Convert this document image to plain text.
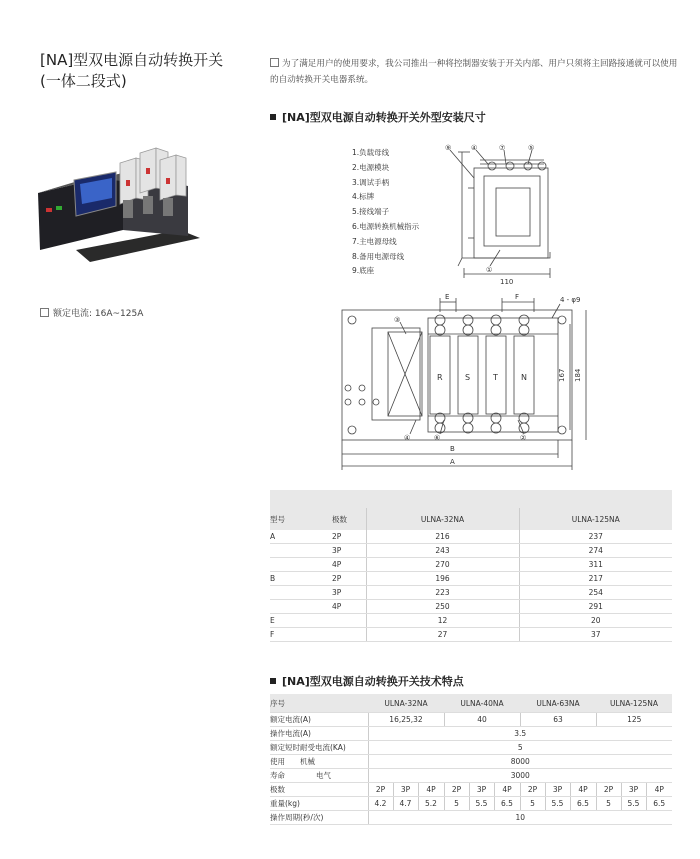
[NA]型双电源自动转换开关
(一体二段式)
额定电流: 16A~125A
为了满足用户的使用要求，我公司推出一种将控制器安装于开关内部、用户只须将主回路接通就可以使用的自动转换开关电器系统。
[NA]型双电源自动转换开关外型安装尺寸
1.负载母线
2.电源模块
3.调试手柄
4.标牌
5.接线端子
6.电源转换机械指示
7.主电源母线
8.备用电源母线
9.底座
⑨	④	⑦	⑤
①
110
R	S	T	N
E	F	4 - φ9
③
④	⑥	②
B
A
167 184

型号	极数	ULNA-32NA	ULNA-125NA
A	2P	216	237
	3P	243	274
	4P	270	311
B	2P	196	217
	3P	223	254
	4P	250	291
E		12	20
F		27	37
[NA]型双电源自动转换开关技术特点
序号		ULNA-32NA			ULNA-40NA			ULNA-63NA			ULNA-125NA		
额定电流(A)		16,25,32			40			63			125		
操作电流(A)		3.5											
额定短时耐受电流(KA)		5											
使用	机械	8000											
寿命	电气	3000											
极数		2P	3P	4P	2P	3P	4P	2P	3P	4P	2P	3P	4P
重量(kg)		4.2	4.7	5.2	5	5.5	6.5	5	5.5	6.5	5	5.5	6.5
操作周期(秒/次)		10											
